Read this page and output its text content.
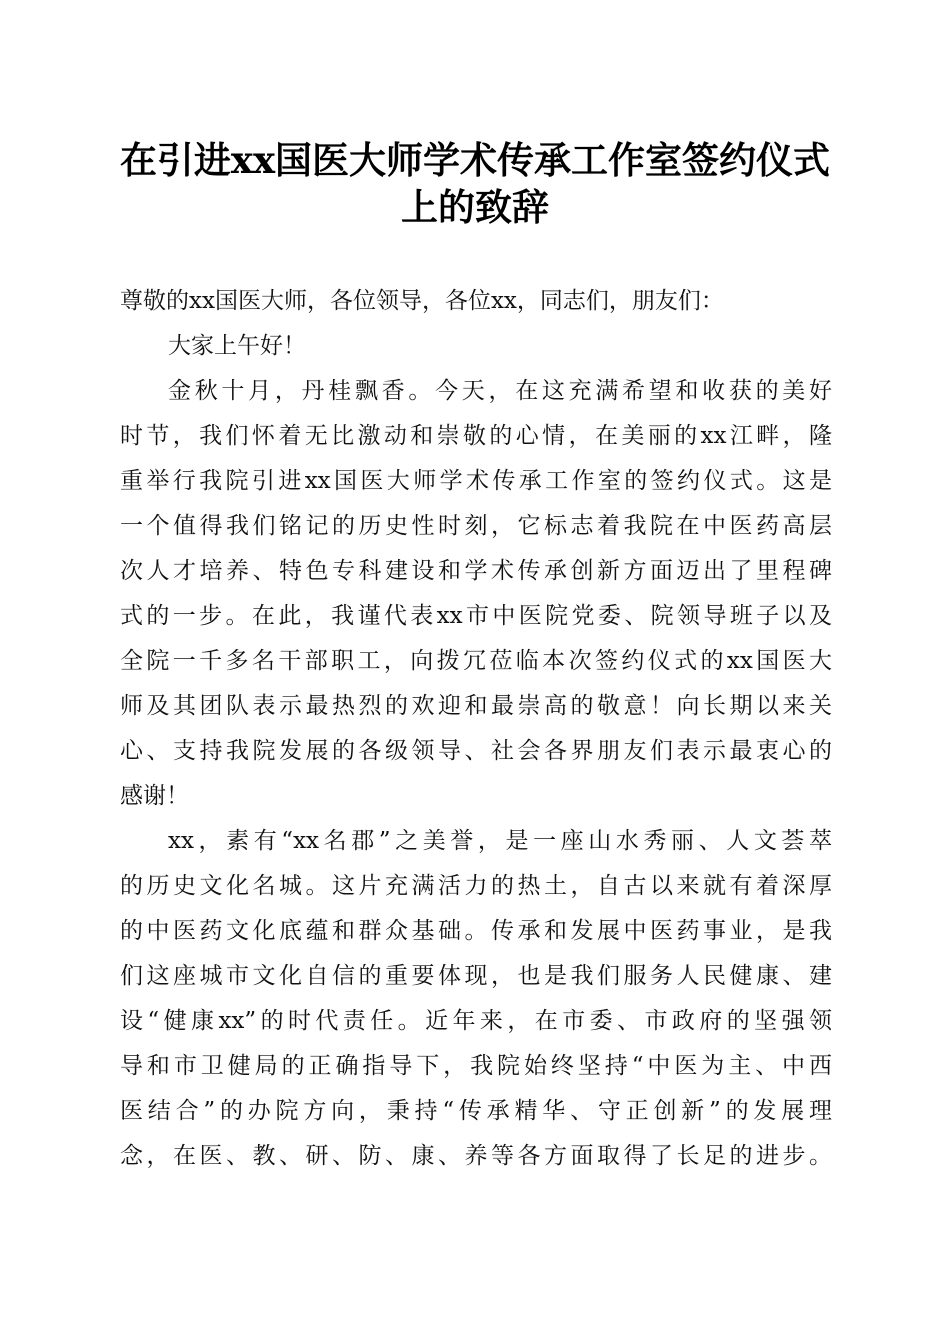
在引进xx国医大师学术传承工作室签约仪式
上的致辞
尊敬的xx国医大师，各位领导，各位xx，同志们，朋友们：
大家上午好！
金秋十月，丹桂飘香。今天，在这充满希望和收获的美好
时节，我们怀着无比激动和崇敬的心情，在美丽的xx江畔，隆
重举行我院引进xx国医大师学术传承工作室的签约仪式。这是
一个值得我们铭记的历史性时刻，它标志着我院在中医药高层
次人才培养、特色专科建设和学术传承创新方面迈出了里程碑
式的一步。在此，我谨代表xx市中医院党委、院领导班子以及
全院一千多名干部职工，向拨冗莅临本次签约仪式的xx国医大
师及其团队表示最热烈的欢迎和最崇高的敬意！向长期以来关
心、支持我院发展的各级领导、社会各界朋友们表示最衷心的
感谢！
xx，素有“xx名郡”之美誉，是一座山水秀丽、人文荟萃
的历史文化名城。这片充满活力的热土，自古以来就有着深厚
的中医药文化底蕴和群众基础。传承和发展中医药事业，是我
们这座城市文化自信的重要体现，也是我们服务人民健康、建
设“健康xx”的时代责任。近年来，在市委、市政府的坚强领
导和市卫健局的正确指导下，我院始终坚持“中医为主、中西
医结合”的办院方向，秉持“传承精华、守正创新”的发展理
念，在医、教、研、防、康、养等各方面取得了长足的进步。
